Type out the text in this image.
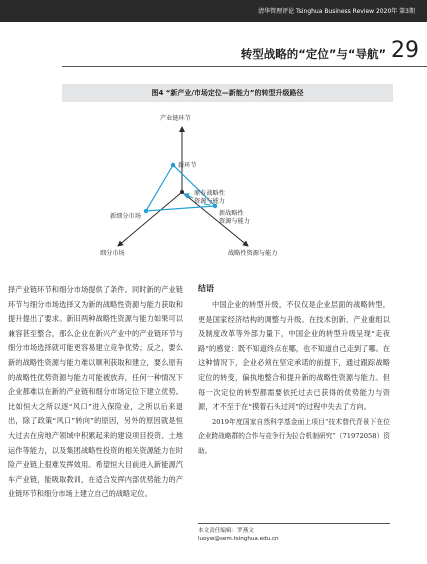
清华管理评论 Tsinghua Business Review 2020年 第3期
转型战略的“定位”与“导航” 29
图4 “新产业/市场定位—新能力”的转型升级路径
产业链环节
新环节
原有战略性
资源与能力
新细分市场	新战略性
资源与能力
细分市场	战略性资源与能力

择产业链环节和细分市场提供了条件。同时新的产业链环节与细分市场选择又为新的战略性资源与能力获取和提升提出了要求。新旧两种战略性资源与能力如果可以兼容甚至整合，那么企业在新兴产业中的产业链环节与细分市场选择就可能更容易建立竞争优势；反之，要么新的战略性资源与能力难以顺利获取和建立，要么原有的战略性优势资源与能力可能被放弃，任何一种情况下企业都难以在新的产业链和细分市场定位下建立优势。比如恒大之所以逐“风口”进入保险业，之所以后来退出，除了政策“风口”转向”的原因，另外的原因就是恒大过去在房地产领域中积累起来的建设项目投资、土地运作等能力，以及集团战略性投资的相关资源能力在时险产业链上很难发挥效用。希望恒大目前进入新能源汽车产业链，能吸取教训，在适合发挥内部优势能力的产业链环节和细分市场上建立自己的战略定位。

结语

中国企业的转型升级，不仅仅是企业层面的战略转型，更是国家经济结构的调整与升级。在技术创新、产业重组以及制度改革等外部力量下，中国企业的转型升级呈现“走夜路”的感觉：既不知道终点在哪，也不知道自己走到了哪。在这种情况下，企业必须在坚定承诺的前提下，通过跟踪战略定位的转变，偏执地整合和提升新的战略性资源与能力。但每一次定位的转型都需要依托过去已获得的优势能力与资源，才不至于在“摸着石头过河”的过程中失去了方向。

2019年度国家自然科学基金面上项目“技术替代背景下在位企业跨战略群的合作与竞争行为拉合机制研究”（71972058）资助。

本文责任编辑：罗燕文
luoyw@sem.tsinghua.edu.cn
